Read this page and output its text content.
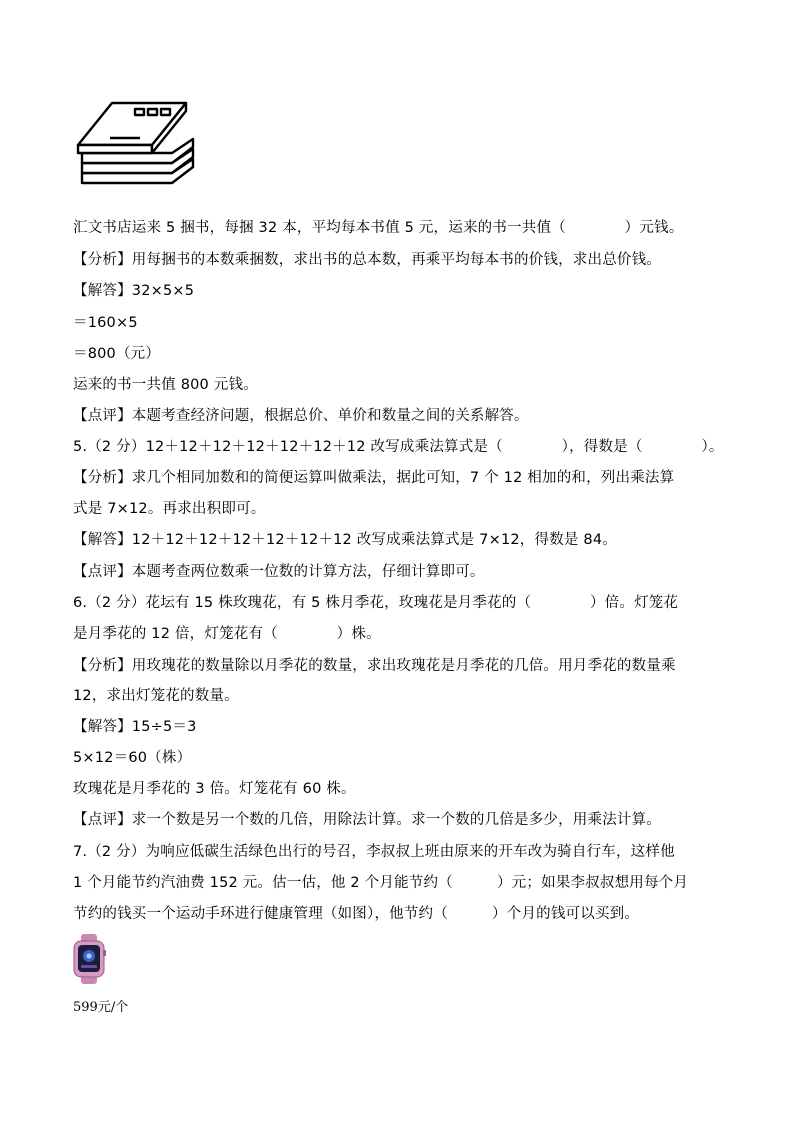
汇文书店运来 5 捆书，每捆 32 本，平均每本书值 5 元，运来的书一共值（　　　　）元钱。
【分析】用每捆书的本数乘捆数，求出书的总本数，再乘平均每本书的价钱，求出总价钱。
【解答】32×5×5
＝160×5
＝800（元）
运来的书一共值 800 元钱。
【点评】本题考查经济问题，根据总价、单价和数量之间的关系解答。
5.（2 分）12＋12＋12＋12＋12＋12＋12 改写成乘法算式是（　　　　），得数是（　　　　）。
【分析】求几个相同加数和的简便运算叫做乘法，据此可知，7 个 12 相加的和，列出乘法算
式是 7×12。再求出积即可。
【解答】12＋12＋12＋12＋12＋12＋12 改写成乘法算式是 7×12，得数是 84。
【点评】本题考查两位数乘一位数的计算方法，仔细计算即可。
6.（2 分）花坛有 15 株玫瑰花，有 5 株月季花，玫瑰花是月季花的（　　　　）倍。灯笼花
是月季花的 12 倍，灯笼花有（　　　　）株。
【分析】用玫瑰花的数量除以月季花的数量，求出玫瑰花是月季花的几倍。用月季花的数量乘
12，求出灯笼花的数量。
【解答】15÷5＝3
5×12＝60（株）
玫瑰花是月季花的 3 倍。灯笼花有 60 株。
【点评】求一个数是另一个数的几倍，用除法计算。求一个数的几倍是多少，用乘法计算。
7.（2 分）为响应低碳生活绿色出行的号召，李叔叔上班由原来的开车改为骑自行车，这样他
1 个月能节约汽油费 152 元。估一估，他 2 个月能节约（　　　）元；如果李叔叔想用每个月
节约的钱买一个运动手环进行健康管理（如图），他节约（　　　）个月的钱可以买到。
599元/个
